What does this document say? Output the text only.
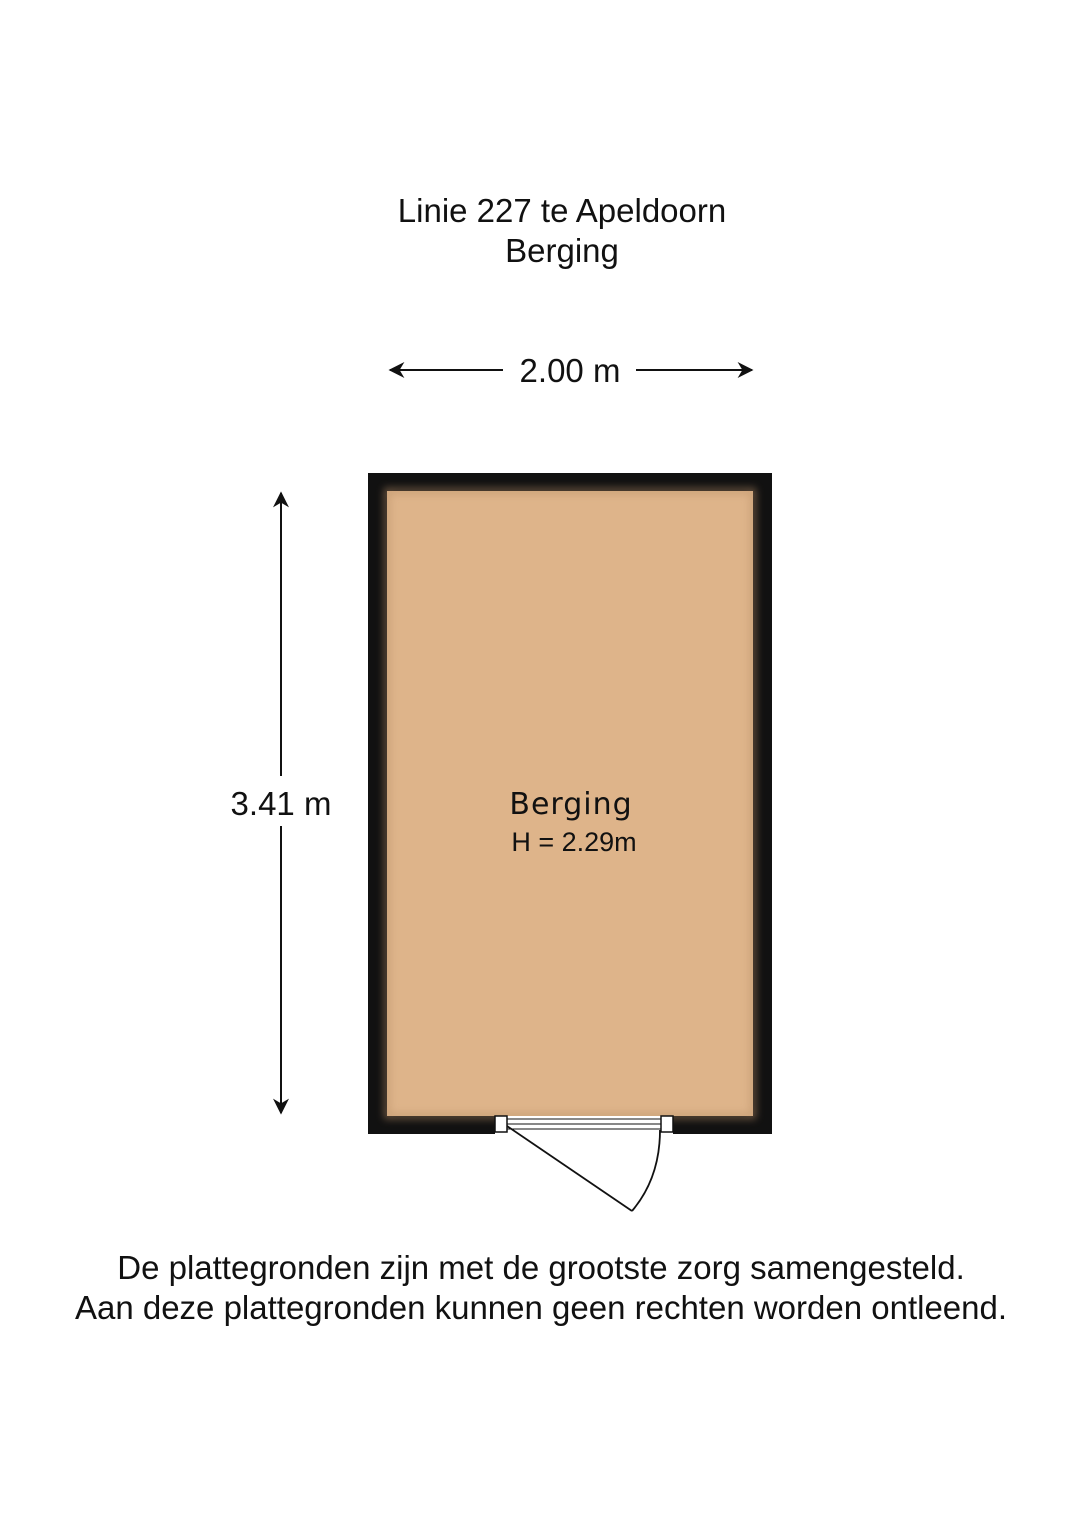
Linie 227 te Apeldoorn
Berging
2.00 m
3.41 m	Berging
H = 2.29m
De plattegronden zijn met de grootste zorg samengesteld.
Aan deze plattegronden kunnen geen rechten worden ontleend.
